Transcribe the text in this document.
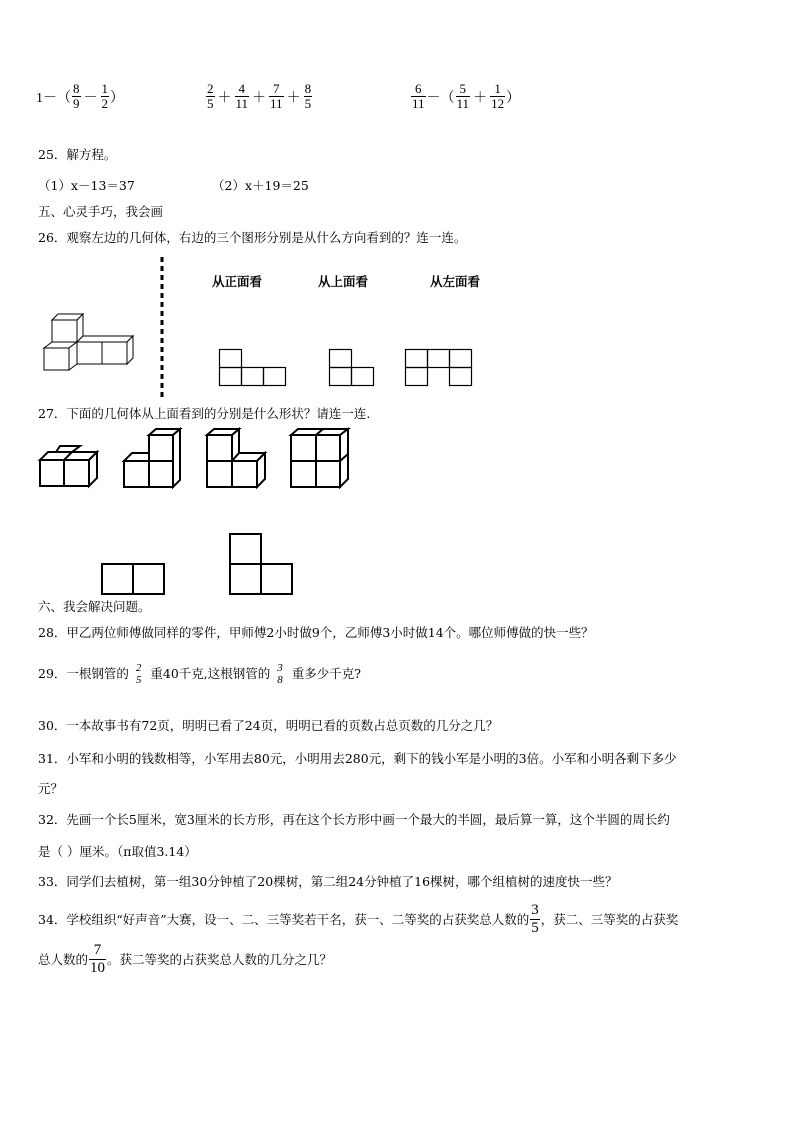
$1-( \frac{8}{9} - \frac{1}{2}$ ）	$\frac{2}{5} + \frac{4}{11} + \frac{7}{11} + \frac{8}{5}$	$\frac{6}{11}$ －（ $\frac{5}{11} + \frac{1}{12}$ ）
25．解方程。
（1）x－13＝37	（2）x＋19＝25
五、心灵手巧，我会画
26．观察左边的几何体，右边的三个图形分别是从什么方向看到的？连一连。
从正面看	从上面看	从左面看
27．下面的几何体从上面看到的分别是什么形状？请连一连.
六、我会解决问题。
28．甲乙两位师傅做同样的零件，甲师傅2小时做9个，乙师傅3小时做14个。哪位师傅做的快一些？
29．一根钢管的 2
5 重40千克,这根钢管的 3
8 重多少千克?
30．一本故事书有72页，明明已看了24页，明明已看的页数占总页数的几分之几？
31．小军和小明的钱数相等，小军用去80元，小明用去280元，剩下的钱小军是小明的3倍。小军和小明各剩下多少
元？
32．先画一个长5厘米，宽3厘米的长方形，再在这个长方形中画一个最大的半圆，最后算一算，这个半圆的周长约
是（ ）厘米。（π取值3.14）
33．同学们去植树，第一组30分钟植了20棵树，第二组24分钟植了16棵树，哪个组植树的速度快一些？
34．学校组织“好声音”大赛，设一、二、三等奖若干名，获一、二等奖的占获奖总人数的 $\frac{3}{5}$ ，获二、三等奖的占获奖
总人数的 $\frac{7}{10}$ 。获二等奖的占获奖总人数的几分之几？
